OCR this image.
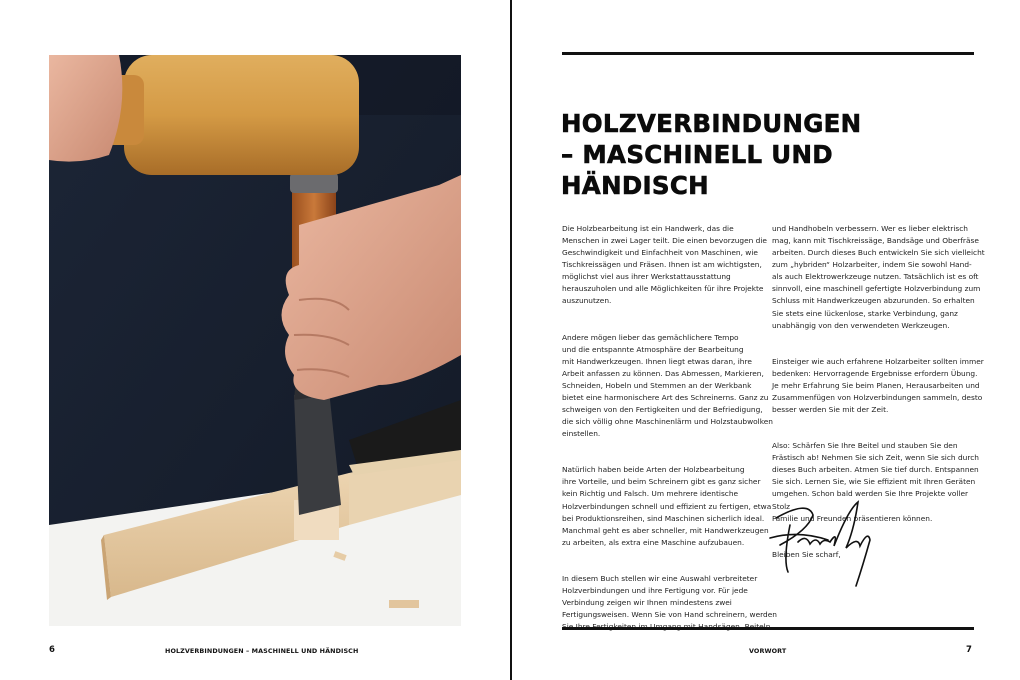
6	HOLZVERBINDUNGEN – MASCHINELL UND HÄNDISCH
HOLZVERBINDUNGEN
– MASCHINELL UND
HÄNDISCH

Die Holzbearbeitung ist ein Handwerk, das die
Menschen in zwei Lager teilt. Die einen bevorzugen die
Geschwindigkeit und Einfachheit von Maschinen, wie
Tischkreissägen und Fräsen. Ihnen ist am wichtigsten,
möglichst viel aus ihrer Werkstattausstattung
herauszuholen und alle Möglichkeiten für ihre Projekte
auszunutzen.

Andere mögen lieber das gemächlichere Tempo
und die entspannte Atmosphäre der Bearbeitung
mit Handwerkzeugen. Ihnen liegt etwas daran, ihre
Arbeit anfassen zu können. Das Abmessen, Markieren,
Schneiden, Hobeln und Stemmen an der Werkbank
bietet eine harmonischere Art des Schreinerns. Ganz zu
schweigen von den Fertigkeiten und der Befriedigung,
die sich völlig ohne Maschinenlärm und Holzstaubwolken
einstellen.

Natürlich haben beide Arten der Holzbearbeitung
ihre Vorteile, und beim Schreinern gibt es ganz sicher
kein Richtig und Falsch. Um mehrere identische
Holzverbindungen schnell und effizient zu fertigen, etwa
bei Produktionsreihen, sind Maschinen sicherlich ideal.
Manchmal geht es aber schneller, mit Handwerkzeugen
zu arbeiten, als extra eine Maschine aufzubauen.

In diesem Buch stellen wir eine Auswahl verbreiteter
Holzverbindungen und ihre Fertigung vor. Für jede
Verbindung zeigen wir Ihnen mindestens zwei
Fertigungsweisen. Wenn Sie von Hand schreinern, werden

und Handhobeln verbessern. Wer es lieber elektrisch
mag, kann mit Tischkreissäge, Bandsäge und Oberfräse
arbeiten. Durch dieses Buch entwickeln Sie sich vielleicht
zum „hybriden“ Holzarbeiter, indem Sie sowohl Hand-
als auch Elektrowerkzeuge nutzen. Tatsächlich ist es oft
sinnvoll, eine maschinell gefertigte Holzverbindung zum
Schluss mit Handwerkzeugen abzurunden. So erhalten
Sie stets eine lückenlose, starke Verbindung, ganz
unabhängig von den verwendeten Werkzeugen.

Einsteiger wie auch erfahrene Holzarbeiter sollten immer
bedenken: Hervorragende Ergebnisse erfordern Übung.
Je mehr Erfahrung Sie beim Planen, Herausarbeiten und
Zusammenfügen von Holzverbindungen sammeln, desto
besser werden Sie mit der Zeit.

Also: Schärfen Sie Ihre Beitel und stauben Sie den
Frästisch ab! Nehmen Sie sich Zeit, wenn Sie sich durch
dieses Buch arbeiten. Atmen Sie tief durch. Entspannen
Sie sich. Lernen Sie, wie Sie effizient mit Ihren Geräten
umgehen. Schon bald werden Sie Ihre Projekte voller Stolz
Familie und Freunden präsentieren können.

Bleiben Sie scharf,

VORWORT	7
